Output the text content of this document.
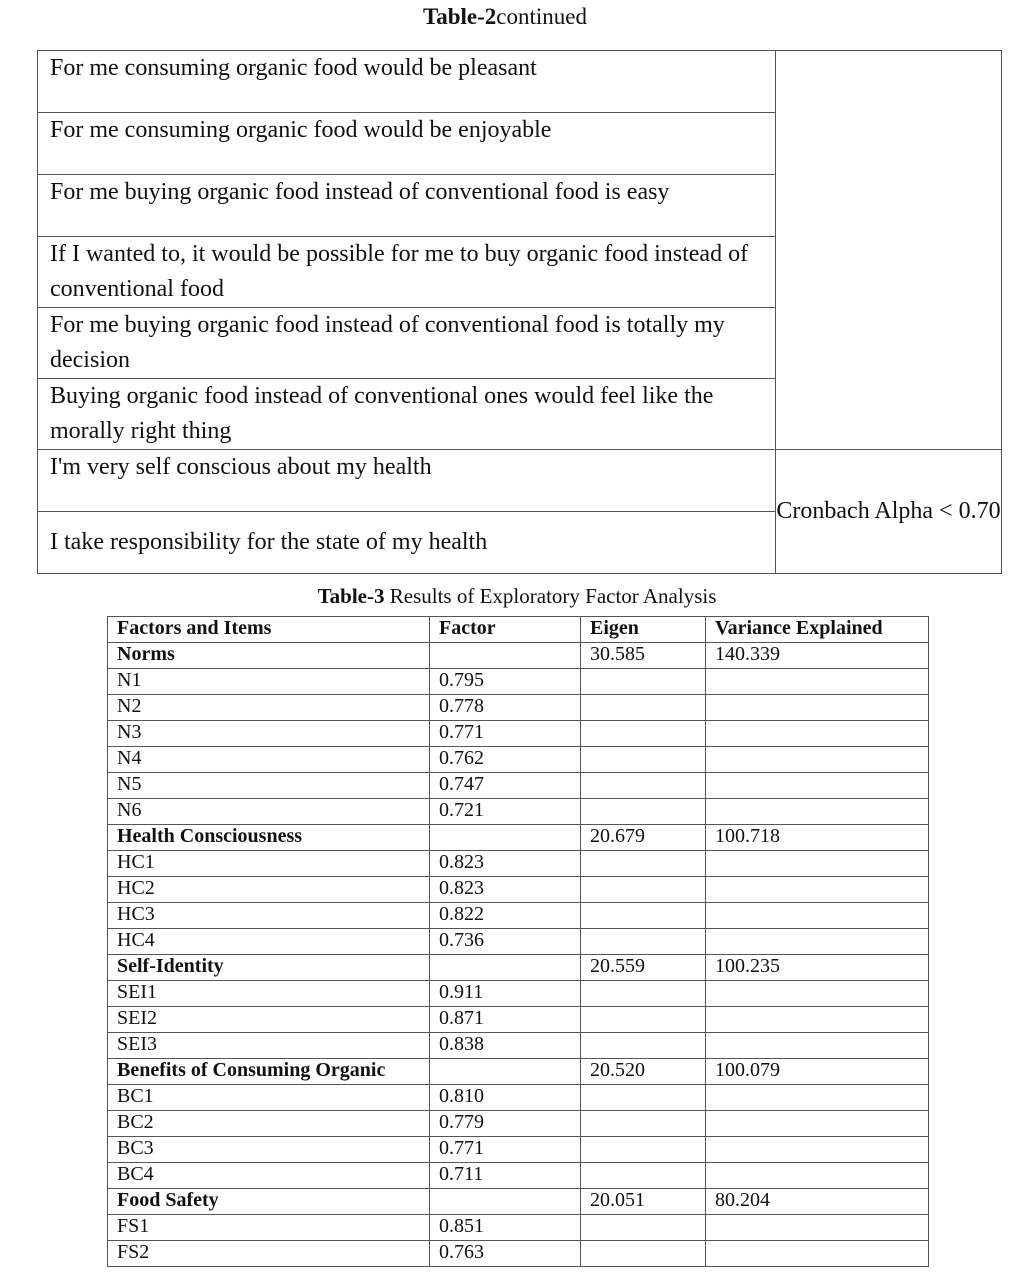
Table-2continued
For me consuming organic food would be pleasant	
For me consuming organic food would be enjoyable	
For me buying organic food instead of conventional food is easy	
If I wanted to, it would be possible for me to buy organic food instead of conventional food	
For me buying organic food instead of conventional food is totally my decision	
Buying organic food instead of conventional ones would feel like the morally right thing	
I'm very self conscious about my health	Cronbach Alpha < 0.70
I take responsibility for the state of my health	
Table-3 Results of Exploratory Factor Analysis
Factors and Items	Factor	Eigen	Variance Explained
Norms		30.585	140.339
N1	0.795		
N2	0.778		
N3	0.771		
N4	0.762		
N5	0.747		
N6	0.721		
Health Consciousness		20.679	100.718
HC1	0.823		
HC2	0.823		
HC3	0.822		
HC4	0.736		
Self-Identity		20.559	100.235
SEI1	0.911		
SEI2	0.871		
SEI3	0.838		
Benefits of Consuming Organic		20.520	100.079
BC1	0.810		
BC2	0.779		
BC3	0.771		
BC4	0.711		
Food Safety		20.051	80.204
FS1	0.851		
FS2	0.763		
